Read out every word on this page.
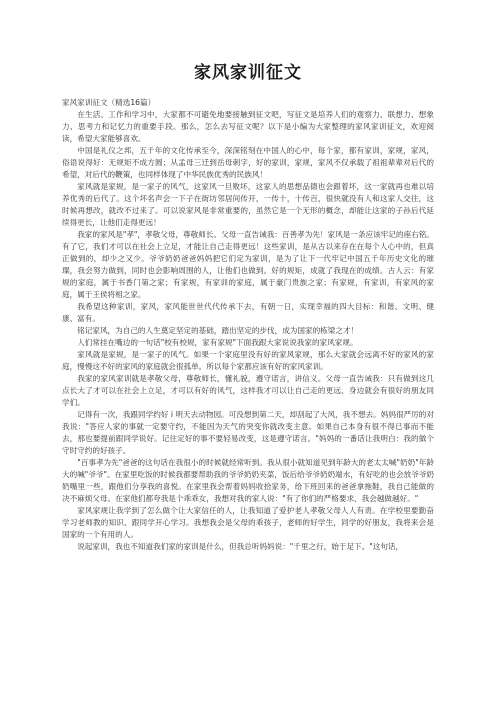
家风家训征文

家风家训征文（精选16篇）

在生活、工作和学习中，大家都不可避免地要接触到征文吧，写征文是培养人们的观察力、联想力、想象力、思考力和记忆力的重要手段。那么，怎么去写征文呢？以下是小编为大家整理的家风家训征文，欢迎阅读，希望大家能够喜欢。

中国是礼仪之邦，五千年的文化传承至今，深深铭刻在中国人的心中，每个家，都有家训，家规，家风，俗语说得好：无规矩不成方圆；从孟母三迁到岳母刺字，好的家训，家规，家风不仅承载了祖祖辈辈对后代的希望，对后代的鞭策，也同样体现了中华民族优秀的民族风！

家风就是家规，是一家子的风气，这家风一旦败坏，这家人的思想品德也会跟着坏，这一家就再也难以培养优秀的后代了。这个坏名声会一下子在街坊邻居间传开，一传十，十传百，很快就没有人和这家人交往，这时候再想改，就改不过来了。可以说家风是非常重要的，虽然它是一个无形的概念，却能让这家的子孙后代延续得更长，让他们走得更远！

我家的家风是"孝"，孝敬父母，尊敬师长。父母一直告诫我：百善孝为先！家风是一条应该牢记的座右铭。有了它，我们才可以在社会上立足，才能让自己走得更远！这些家训，是从古以来存在在每个人心中的，但真正做到的，却少之又少。爷爷奶奶爸爸妈妈把它们定为家训，是为了让下一代牢记中国五千年历史文化的璀璨，我会努力做到，同时也会影响周围的人，让他们也做到。好的规矩，成就了我现在的成绩。古人云：有家规的家庭，属于书香门第之家；有家规，有家训的家庭，属于豪门贵族之家；有家规，有家训，有家风的家庭，属于王侯将相之家。

我希望这种家训，家风，家风能世世代代传承下去，有朝一日，实现幸福的四大目标：和谐、文明、健康、富有。

铭记家风，为自己的人生奠定坚定的基础，踏出坚定的步伐，成为国家的栋梁之才！

人们常挂在嘴边的一句话"校有校规，家有家规"下面我跟大家说说我家的家风家规。

家风就是家规，是一家子的风气。如果一个家庭里没有好的家风家规，那么大家就会远离不好的家风的家庭，慢慢这不好的家风的家庭就会很孤单。所以每个家都应该有好的家风家训。

我家的家风家训就是孝敬父母，尊敬师长，懂礼貌，遵守诺言，讲信义。父母一直告诫我：只有做到这几点长大了才可以在社会上立足，才可以有好的风气，这样我才可以让自己走的更远、身边就会有很好的朋友同学们。

记得有一次，我跟同学约好 i 明天去动物园。可没想到第二天，却刮起了大风，我不想去。妈妈很严厉的对我说："答应人家的事就一定要守约，不能因为天气的突变你就改变主意。如果自己本身有很不得已事而不能去，那也要提前跟同学说好。记住定好的事不要轻易改变，这是遵守诺言。"妈妈的一番话让我明白：我的做个守时守约的好孩子。

"百事孝为先"爸爸的这句话在我很小的时候就经常听到。我从很小就知道见到年龄大的老太太喊"奶奶"年龄大的喊"爷爷"。在家里吃饭的时候我都要帮助我的爷爷奶奶夹菜，饭后给爷爷奶奶端水，有好吃的也会放爷爷奶奶嘴里一些，跟他们分享我的喜悦。在家里我会帮着妈妈收拾家务，给下班回来的爸爸拿拖鞋，我自己能做的决不麻烦父母。在家他们都夸我是个乖乖女，我想对我的家人说："有了你们的严格要求，我会越做越好。"

家风家规让我学到了怎么做个让大家信任的人，让我知道了爱护老人孝敬父母人人有责。在学校里要勤奋学习老师教的知识、跟同学开心学习。我想我会是父母的乖孩子，老师的好学生，同学的好朋友，我将来会是国家的一个有用的人。

说起家训，我也不知道我们家的家训是什么，但我总听妈妈说："千里之行，始于足下。"这句话，
